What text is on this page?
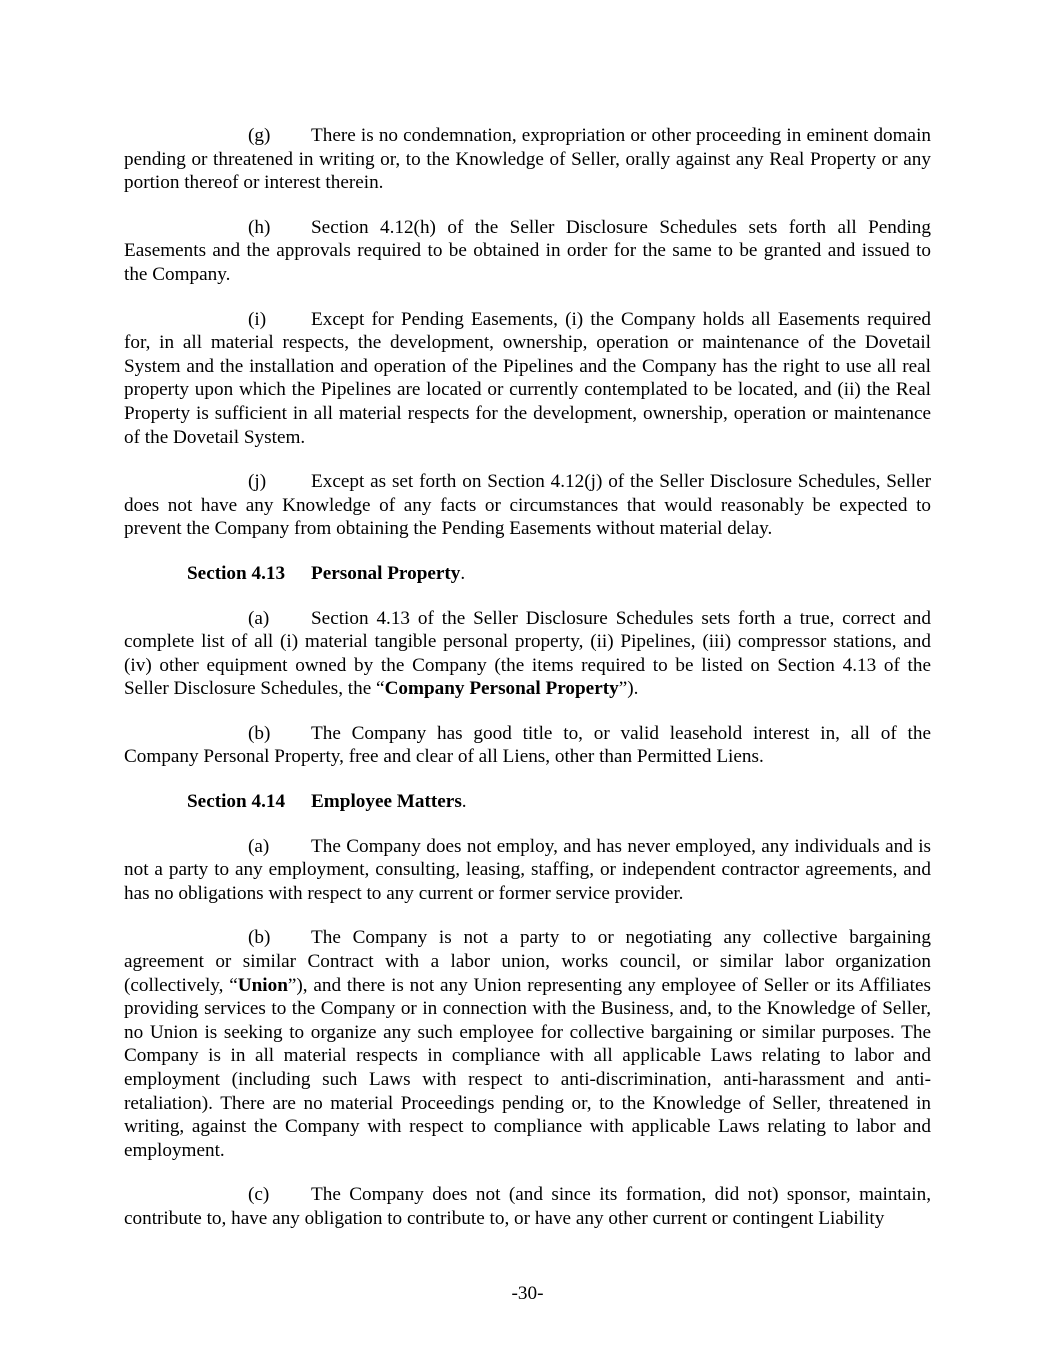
(g) There is no condemnation, expropriation or other proceeding in eminent domain pending or threatened in writing or, to the Knowledge of Seller, orally against any Real Property or any portion thereof or interest therein.

(h) Section 4.12(h) of the Seller Disclosure Schedules sets forth all Pending Easements and the approvals required to be obtained in order for the same to be granted and issued to the Company.

(i) Except for Pending Easements, (i) the Company holds all Easements required for, in all material respects, the development, ownership, operation or maintenance of the Dovetail System and the installation and operation of the Pipelines and the Company has the right to use all real property upon which the Pipelines are located or currently contemplated to be located, and (ii) the Real Property is sufficient in all material respects for the development, ownership, operation or maintenance of the Dovetail System.

(j) Except as set forth on Section 4.12(j) of the Seller Disclosure Schedules, Seller does not have any Knowledge of any facts or circumstances that would reasonably be expected to prevent the Company from obtaining the Pending Easements without material delay.

Section 4.13 Personal Property.

(a) Section 4.13 of the Seller Disclosure Schedules sets forth a true, correct and complete list of all (i) material tangible personal property, (ii) Pipelines, (iii) compressor stations, and (iv) other equipment owned by the Company (the items required to be listed on Section 4.13 of the Seller Disclosure Schedules, the “Company Personal Property”).

(b) The Company has good title to, or valid leasehold interest in, all of the Company Personal Property, free and clear of all Liens, other than Permitted Liens.

Section 4.14 Employee Matters.

(a) The Company does not employ, and has never employed, any individuals and is not a party to any employment, consulting, leasing, staffing, or independent contractor agreements, and has no obligations with respect to any current or former service provider.

(b) The Company is not a party to or negotiating any collective bargaining agreement or similar Contract with a labor union, works council, or similar labor organization (collectively, “Union”), and there is not any Union representing any employee of Seller or its Affiliates providing services to the Company or in connection with the Business, and, to the Knowledge of Seller, no Union is seeking to organize any such employee for collective bargaining or similar purposes. The Company is in all material respects in compliance with all applicable Laws relating to labor and employment (including such Laws with respect to anti-discrimination, anti-harassment and anti-retaliation). There are no material Proceedings pending or, to the Knowledge of Seller, threatened in writing, against the Company with respect to compliance with applicable Laws relating to labor and employment.

(c) The Company does not (and since its formation, did not) sponsor, maintain, contribute to, have any obligation to contribute to, or have any other current or contingent Liability

-30-
